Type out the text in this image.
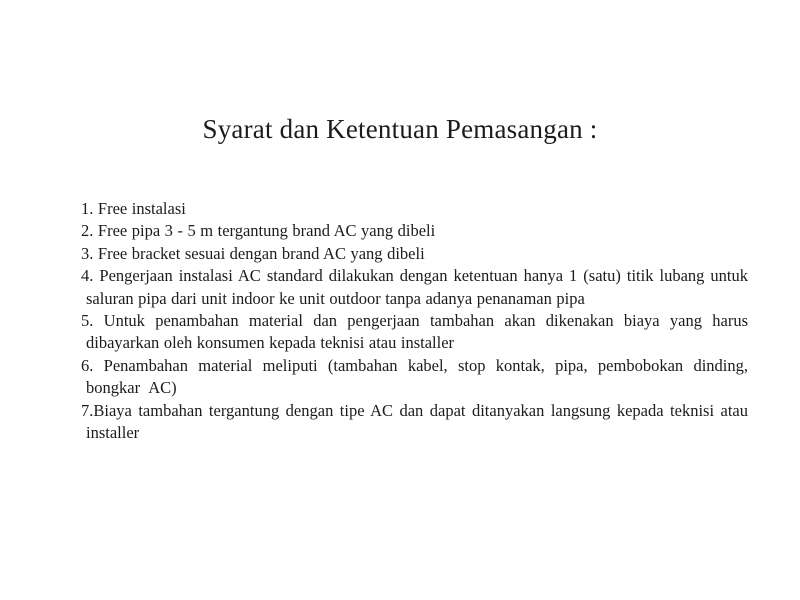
Syarat dan Ketentuan Pemasangan :

1. Free instalasi

2. Free pipa 3 - 5 m tergantung brand AC yang dibeli

3. Free bracket sesuai dengan brand AC yang dibeli

4. Pengerjaan instalasi AC standard dilakukan dengan ketentuan hanya 1 (satu) titik lubang untuk saluran pipa dari unit indoor ke unit outdoor tanpa adanya penanaman pipa

5. Untuk penambahan material dan pengerjaan tambahan akan dikenakan biaya yang harus dibayarkan oleh konsumen kepada teknisi atau installer

6. Penambahan material meliputi (tambahan kabel, stop kontak, pipa, pembobokan dinding, bongkar  AC)

7.Biaya tambahan tergantung dengan tipe AC dan dapat ditanyakan langsung kepada teknisi atau installer
